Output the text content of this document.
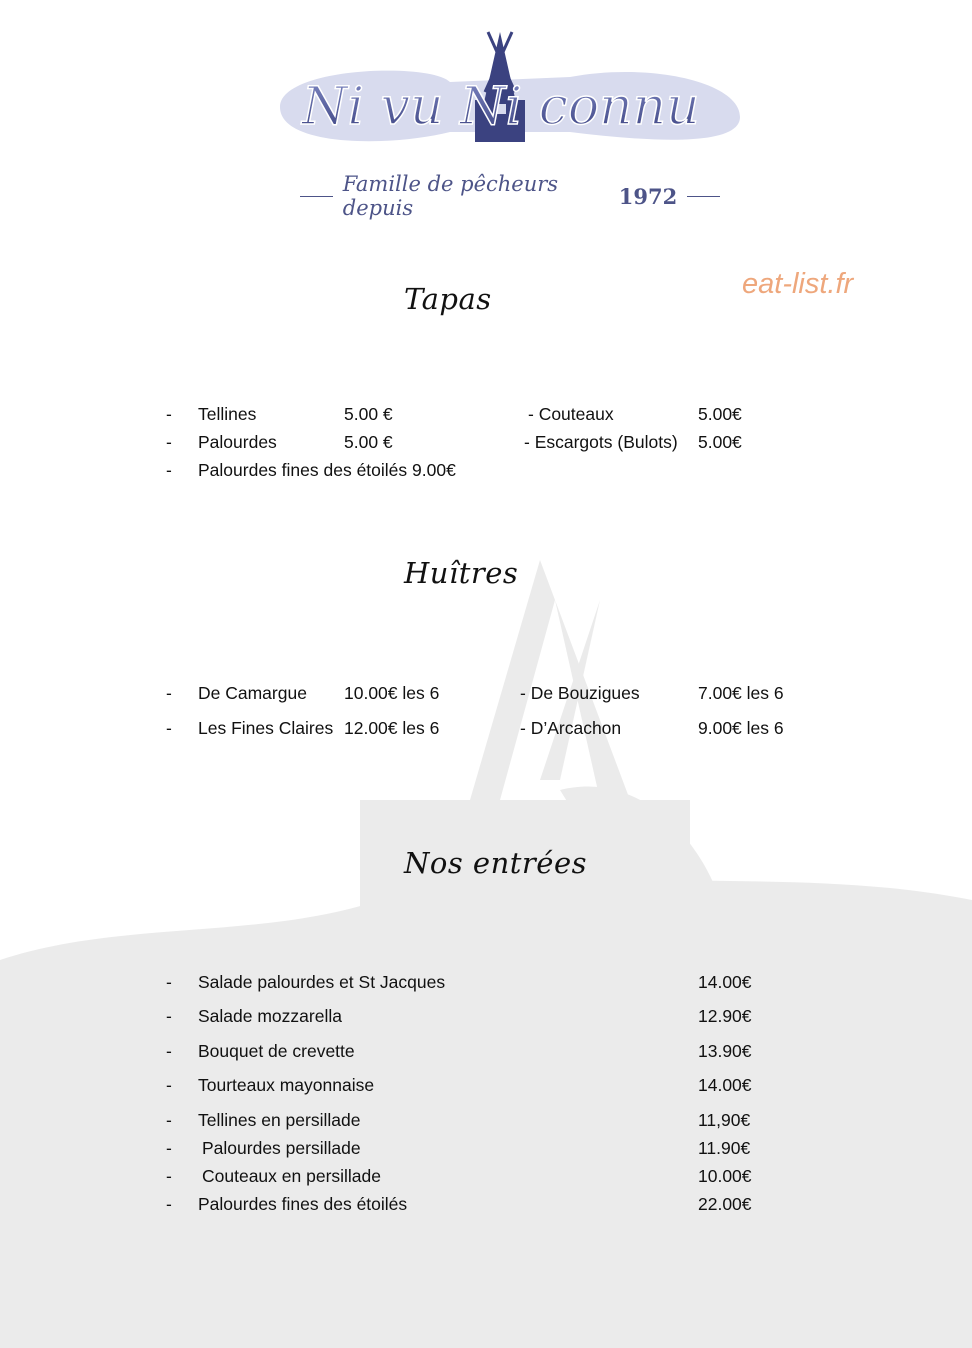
Ni vu Ni connu
Famille de pêcheurs depuis	1972
eat-list.fr
Tapas
- Tellines	5.00 €	- Couteaux	5.00€
- Palourdes	5.00 €	- Escargots (Bulots) 5.00€
- Palourdes fines des étoilés 9.00€
Huîtres
- De Camargue 10.00€ les 6	- De Bouzigues	7.00€ les 6
- Les Fines Claires 12.00€ les 6	- D’Arcachon	9.00€ les 6
Nos entrées
- Salade palourdes et St Jacques	14.00€
- Salade mozzarella	12.90€
- Bouquet de crevette	13.90€
- Tourteaux mayonnaise	14.00€
- Tellines en persillade	11,90€
- Palourdes persillade	11.90€
- Couteaux en persillade	10.00€
- Palourdes fines des étoilés	22.00€
